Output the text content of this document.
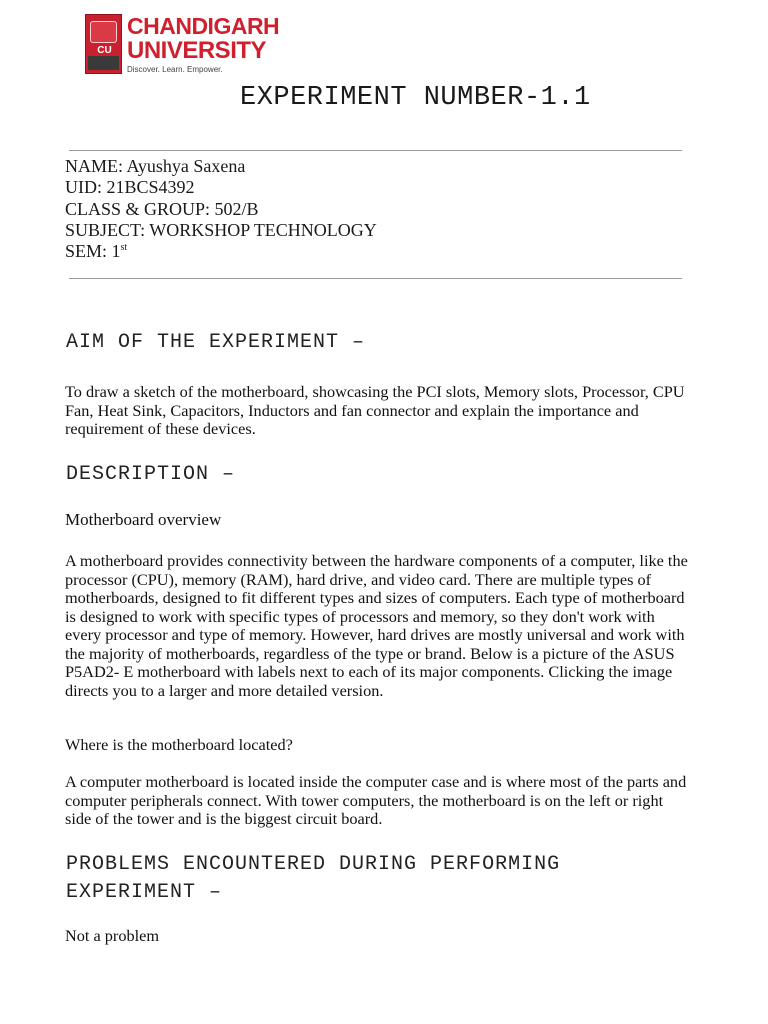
CU
CHANDIGARH
UNIVERSITY
Discover. Learn. Empower.
EXPERIMENT NUMBER-1.1
NAME: Ayushya Saxena
UID: 21BCS4392
CLASS & GROUP: 502/B
SUBJECT: WORKSHOP TECHNOLOGY
SEM: 1st
AIM OF THE EXPERIMENT –
To draw a sketch of the motherboard, showcasing the PCI slots, Memory slots, Processor, CPU Fan, Heat Sink, Capacitors, Inductors and fan connector and explain the importance and requirement of these devices.
DESCRIPTION –
Motherboard overview
A motherboard provides connectivity between the hardware components of a computer, like the processor (CPU), memory (RAM), hard drive, and video card. There are multiple types of motherboards, designed to fit different types and sizes of computers. Each type of motherboard is designed to work with specific types of processors and memory, so they don't work with every processor and type of memory. However, hard drives are mostly universal and work with the majority of motherboards, regardless of the type or brand. Below is a picture of the ASUS P5AD2- E motherboard with labels next to each of its major components. Clicking the image directs you to a larger and more detailed version.
Where is the motherboard located?
A computer motherboard is located inside the computer case and is where most of the parts and computer peripherals connect. With tower computers, the motherboard is on the left or right side of the tower and is the biggest circuit board.
PROBLEMS ENCOUNTERED DURING PERFORMING EXPERIMENT –
Not a problem
